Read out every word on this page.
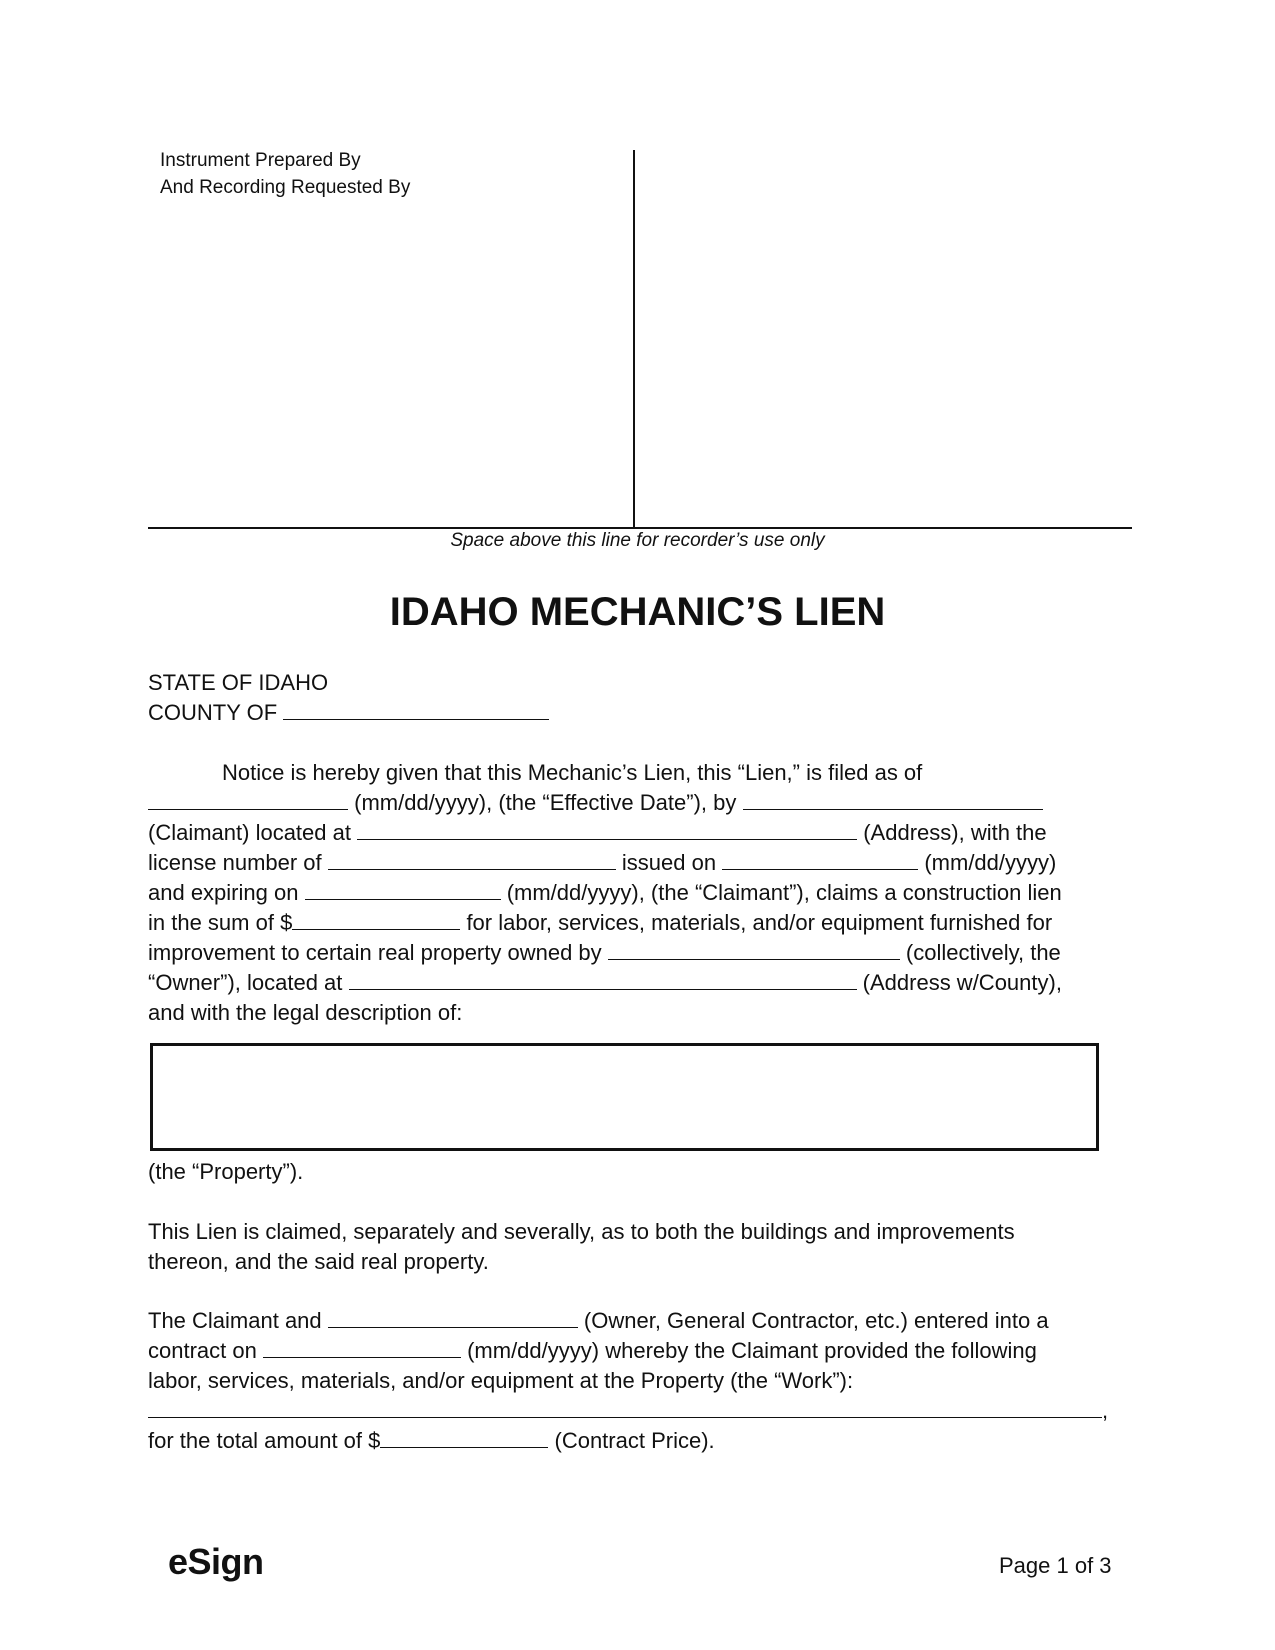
Instrument Prepared By
And Recording Requested By
Space above this line for recorder’s use only
IDAHO MECHANIC’S LIEN
STATE OF IDAHO
COUNTY OF
Notice is hereby given that this Mechanic’s Lien, this “Lien,” is filed as of
(mm/dd/yyyy), (the “Effective Date”), by
(Claimant) located at	(Address), with the
license number of	issued on	(mm/dd/yyyy)
and expiring on	(mm/dd/yyyy), (the “Claimant”), claims a construction lien
in the sum of $	for labor, services, materials, and/or equipment furnished for
improvement to certain real property owned by	(collectively, the
“Owner”), located at	(Address w/County),
and with the legal description of:
(the “Property”).
This Lien is claimed, separately and severally, as to both the buildings and improvements
thereon, and the said real property.
The Claimant and	(Owner, General Contractor, etc.) entered into a
contract on	(mm/dd/yyyy) whereby the Claimant provided the following
labor, services, materials, and/or equipment at the Property (the “Work”):
,
for the total amount of $	(Contract Price).
eSign	Page 1 of 3
